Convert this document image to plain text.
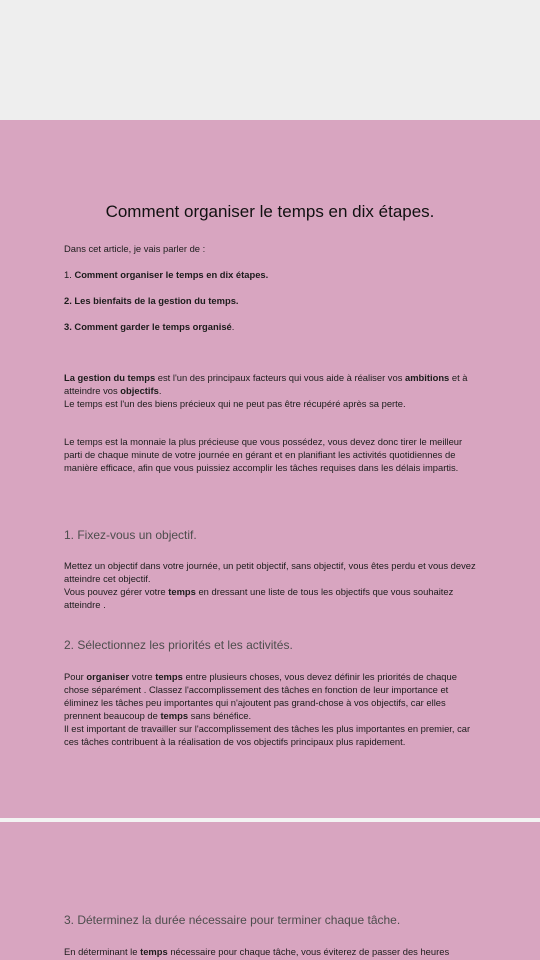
Comment organiser le temps en dix étapes.

Dans cet article, je vais parler de :

1. Comment organiser le temps en dix étapes.

2. Les bienfaits de la gestion du temps.

3. Comment garder le temps organisé.

La gestion du temps est l'un des principaux facteurs qui vous aide à réaliser vos ambitions et à atteindre vos objectifs.
Le temps est l'un des biens précieux qui ne peut pas être récupéré après sa perte.

Le temps est la monnaie la plus précieuse que vous possédez, vous devez donc tirer le meilleur parti de chaque minute de votre journée en gérant et en planifiant les activités quotidiennes de manière efficace, afin que vous puissiez accomplir les tâches requises dans les délais impartis.

1. Fixez-vous un objectif.

Mettez un objectif dans votre journée, un petit objectif, sans objectif, vous êtes perdu et vous devez atteindre cet objectif.
Vous pouvez gérer votre temps en dressant une liste de tous les objectifs que vous souhaitez atteindre .

2. Sélectionnez les priorités et les activités.

Pour organiser votre temps entre plusieurs choses, vous devez définir les priorités de chaque chose séparément . Classez l'accomplissement des tâches en fonction de leur importance et éliminez les tâches peu importantes qui n'ajoutent pas grand-chose à vos objectifs, car elles prennent beaucoup de temps sans bénéfice.
Il est important de travailler sur l'accomplissement des tâches les plus importantes en premier, car ces tâches contribuent à la réalisation de vos objectifs principaux plus rapidement.

3. Déterminez la durée nécessaire pour terminer chaque tâche.

En déterminant le temps nécessaire pour chaque tâche, vous éviterez de passer des heures
